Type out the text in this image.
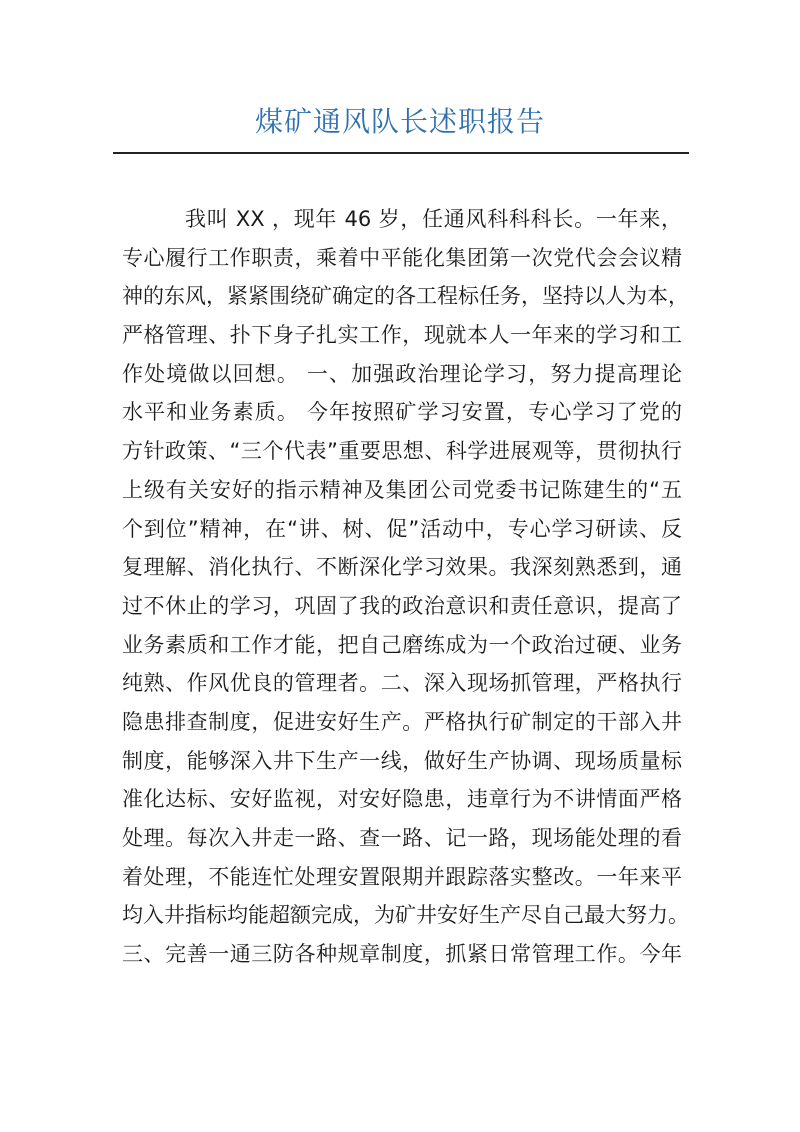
煤矿通风队长述职报告
我叫 XX ，现年 46 岁，任通风科科科长。一年来，
专心履行工作职责，乘着中平能化集团第一次党代会会议精
神的东风，紧紧围绕矿确定的各工程标任务，坚持以人为本，
严格管理、扑下身子扎实工作，现就本人一年来的学习和工
作处境做以回想。 一、加强政治理论学习，努力提高理论
水平和业务素质。 今年按照矿学习安置，专心学习了党的
方针政策、“三个代表”重要思想、科学进展观等，贯彻执行
上级有关安好的指示精神及集团公司党委书记陈建生的“五
个到位”精神，在“讲、树、促”活动中，专心学习研读、反
复理解、消化执行、不断深化学习效果。我深刻熟悉到，通
过不休止的学习，巩固了我的政治意识和责任意识，提高了
业务素质和工作才能，把自己磨练成为一个政治过硬、业务
纯熟、作风优良的管理者。二、深入现场抓管理，严格执行
隐患排查制度，促进安好生产。严格执行矿制定的干部入井
制度，能够深入井下生产一线，做好生产协调、现场质量标
准化达标、安好监视，对安好隐患，违章行为不讲情面严格
处理。每次入井走一路、查一路、记一路，现场能处理的看
着处理，不能连忙处理安置限期并跟踪落实整改。一年来平
均入井指标均能超额完成，为矿井安好生产尽自己最大努力。
三、完善一通三防各种规章制度，抓紧日常管理工作。今年
